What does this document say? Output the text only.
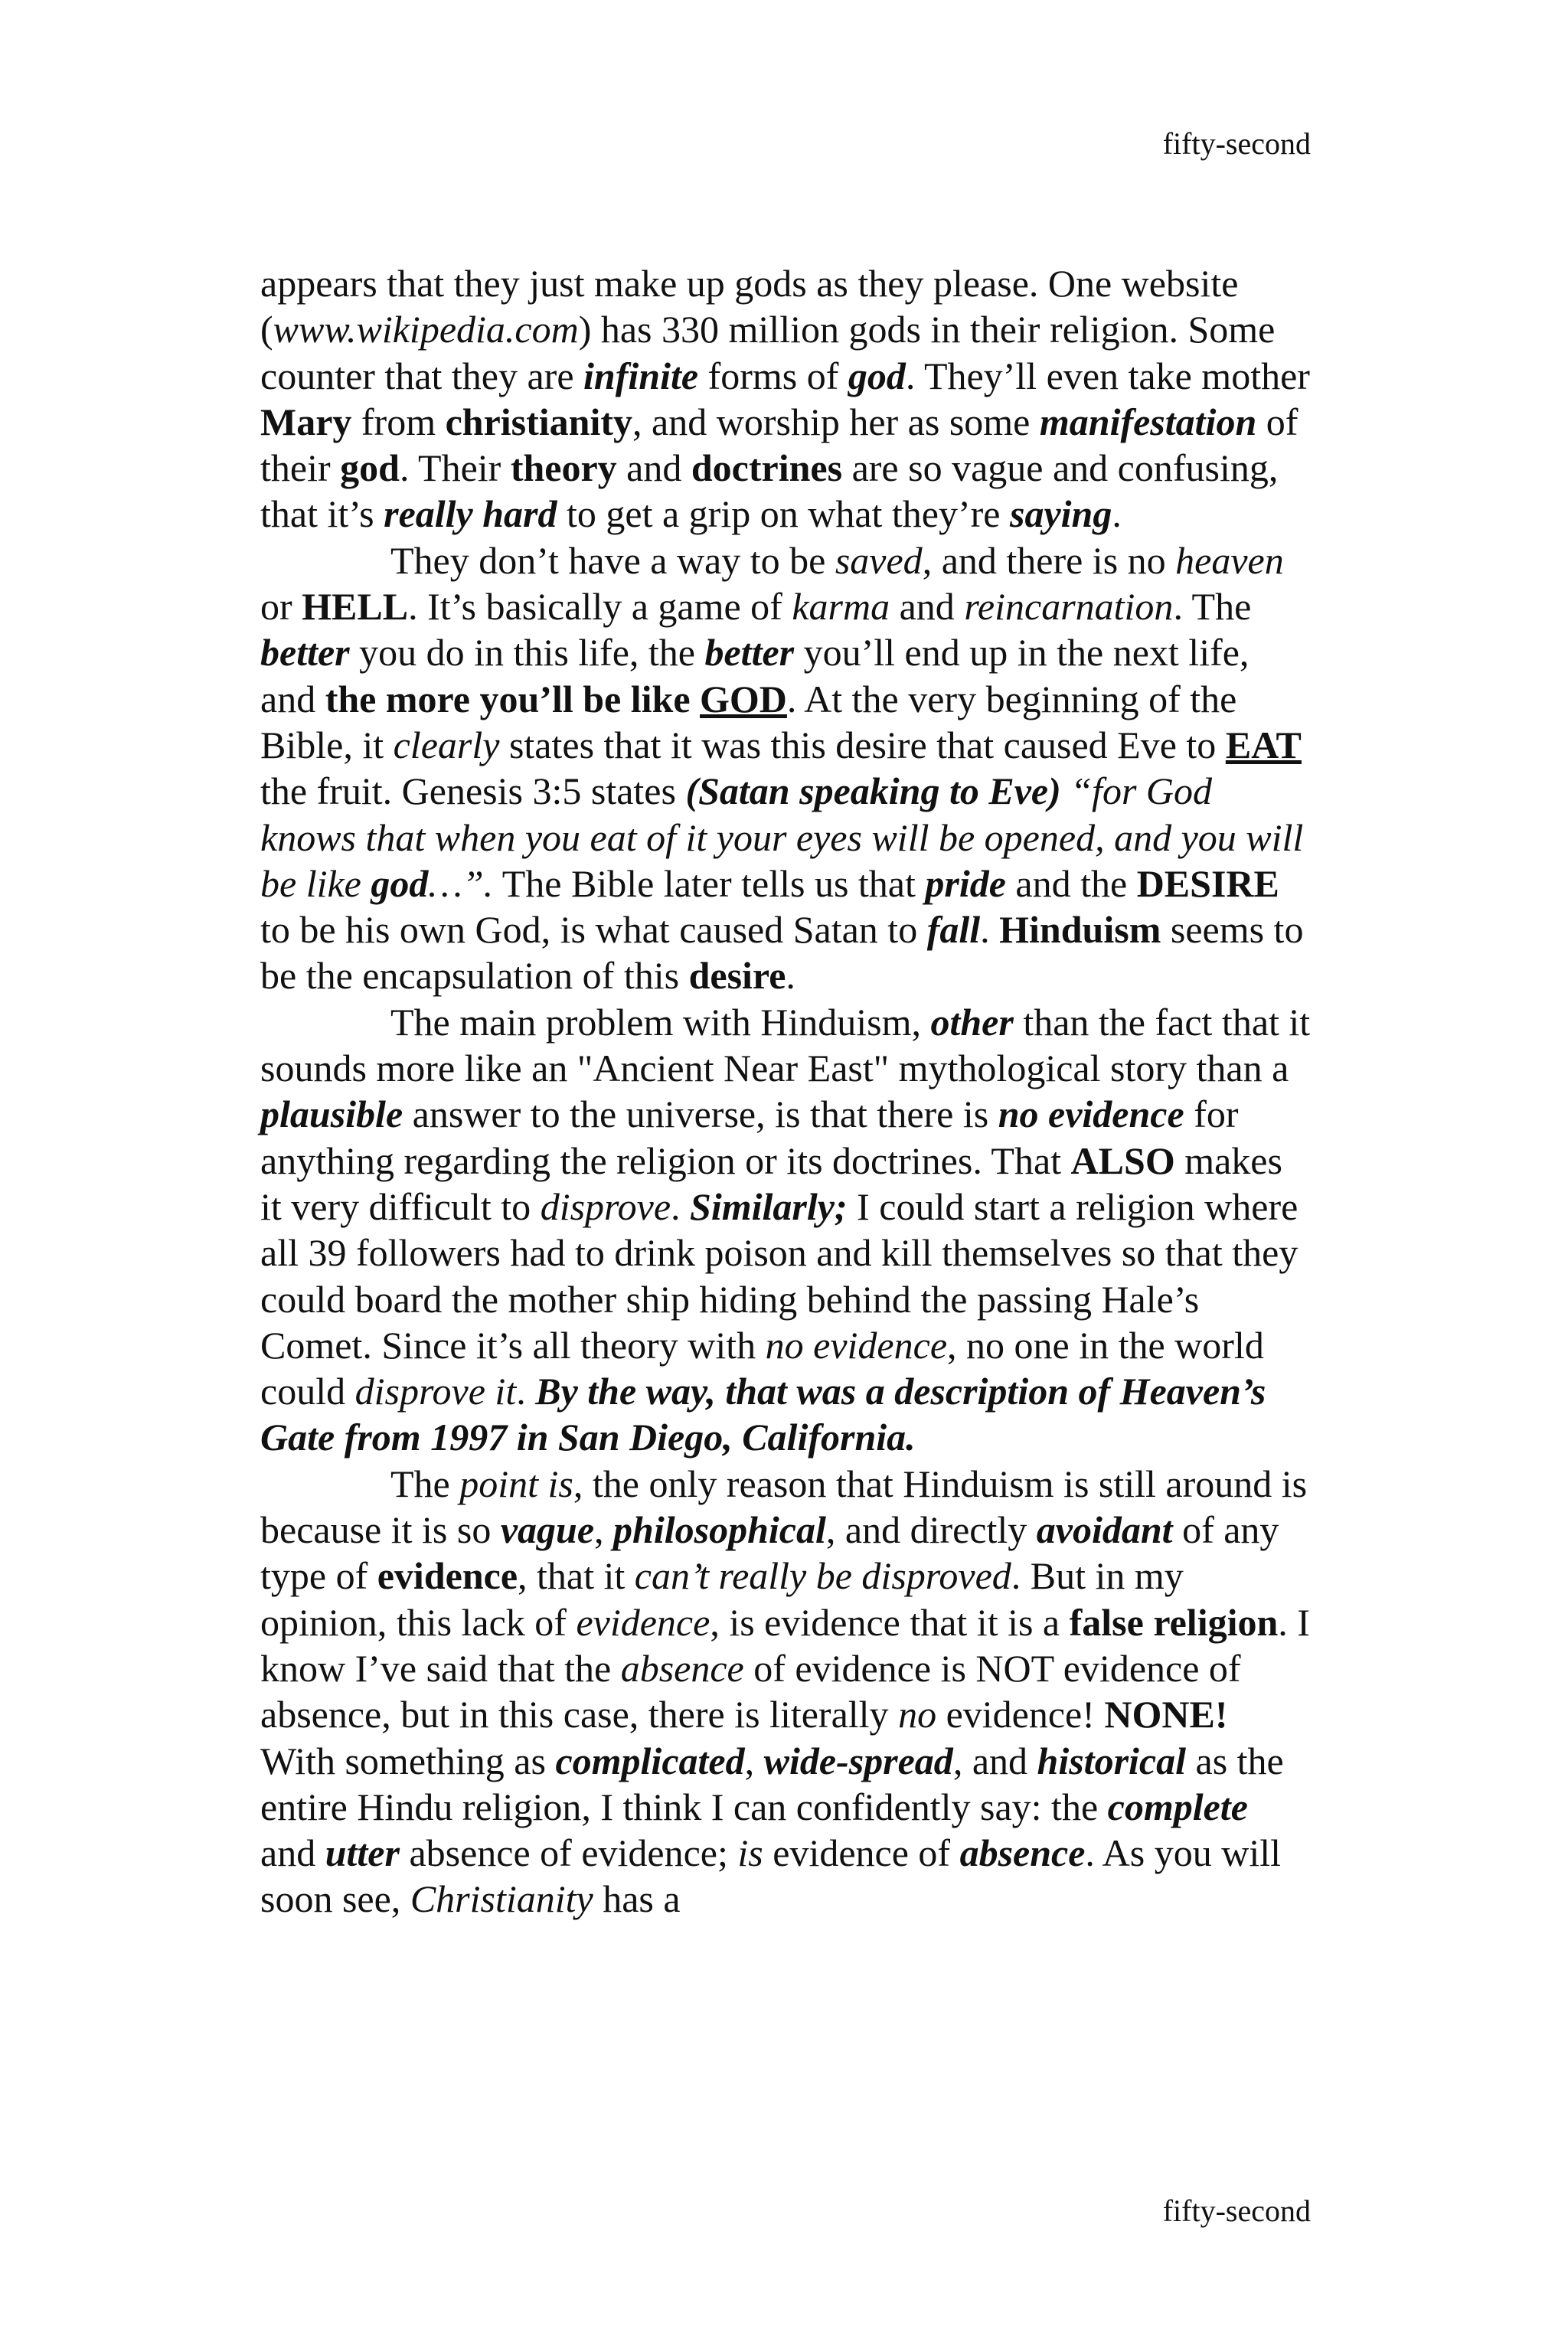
fifty-second

appears that they just make up gods as they please. One website (www.wikipedia.com) has 330 million gods in their religion. Some counter that they are infinite forms of god. They’ll even take mother Mary from christianity, and worship her as some manifestation of their god. Their theory and doctrines are so vague and confusing, that it’s really hard to get a grip on what they’re saying.

They don’t have a way to be saved, and there is no heaven or HELL. It’s basically a game of karma and reincarnation. The better you do in this life, the better you’ll end up in the next life, and the more you’ll be like GOD. At the very beginning of the Bible, it clearly states that it was this desire that caused Eve to EAT the fruit. Genesis 3:5 states (Satan speaking to Eve) “for God knows that when you eat of it your eyes will be opened, and you will be like god…”. The Bible later tells us that pride and the DESIRE to be his own God, is what caused Satan to fall. Hinduism seems to be the encapsulation of this desire.

The main problem with Hinduism, other than the fact that it sounds more like an "Ancient Near East" mythological story than a plausible answer to the universe, is that there is no evidence for anything regarding the religion or its doctrines. That ALSO makes it very difficult to disprove. Similarly; I could start a religion where all 39 followers had to drink poison and kill themselves so that they could board the mother ship hiding behind the passing Hale’s Comet. Since it’s all theory with no evidence, no one in the world could disprove it. By the way, that was a description of Heaven’s Gate from 1997 in San Diego, California.

The point is, the only reason that Hinduism is still around is because it is so vague, philosophical, and directly avoidant of any type of evidence, that it can’t really be disproved. But in my opinion, this lack of evidence, is evidence that it is a false religion. I know I’ve said that the absence of evidence is NOT evidence of absence, but in this case, there is literally no evidence! NONE! With something as complicated, wide-spread, and historical as the entire Hindu religion, I think I can confidently say: the complete and utter absence of evidence; is evidence of absence. As you will soon see, Christianity has a

fifty-second
